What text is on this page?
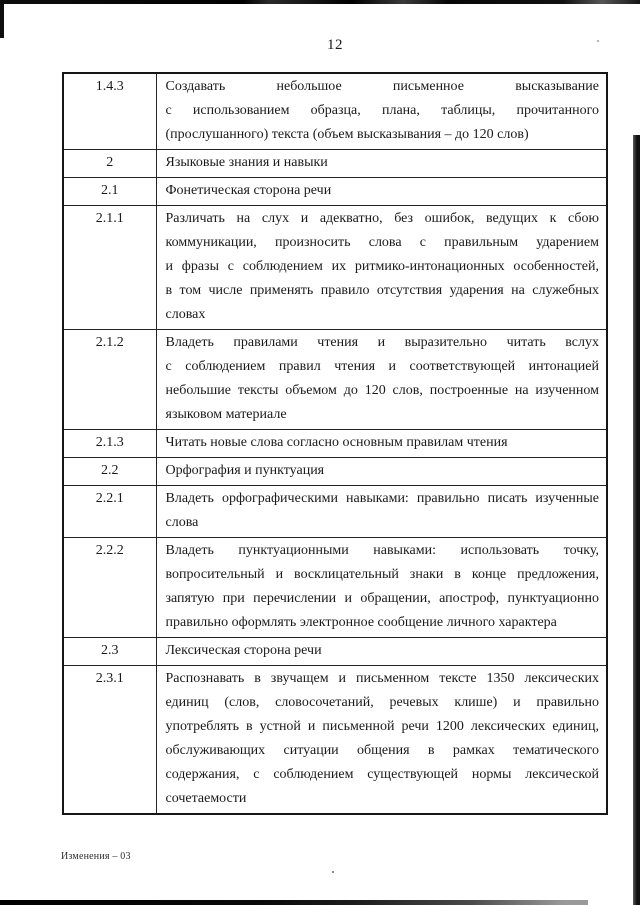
12
1.4.3	Создавать небольшое письменное высказывание
с использованием образца, плана, таблицы, прочитанного
(прослушанного) текста (объем высказывания – до 120 слов)

2	Языковые знания и навыки

2.1	Фонетическая сторона речи

2.1.1	Различать на слух и адекватно, без ошибок, ведущих к сбою
коммуникации, произносить слова с правильным ударением
и фразы с соблюдением их ритмико-интонационных особенностей,
в том числе применять правило отсутствия ударения на служебных
словах

2.1.2	Владеть правилами чтения и выразительно читать вслух
с соблюдением правил чтения и соответствующей интонацией
небольшие тексты объемом до 120 слов, построенные на изученном
языковом материале

2.1.3	Читать новые слова согласно основным правилам чтения

2.2	Орфография и пунктуация

2.2.1	Владеть орфографическими навыками: правильно писать изученные
слова

2.2.2	Владеть пунктуационными навыками: использовать точку,
вопросительный и восклицательный знаки в конце предложения,
запятую при перечислении и обращении, апостроф, пунктуационно
правильно оформлять электронное сообщение личного характера

2.3	Лексическая сторона речи

2.3.1	Распознавать в звучащем и письменном тексте 1350 лексических
единиц (слов, словосочетаний, речевых клише) и правильно
употреблять в устной и письменной речи 1200 лексических единиц,
обслуживающих ситуации общения в рамках тематического
содержания, с соблюдением существующей нормы лексической
сочетаемости
Изменения – 03
